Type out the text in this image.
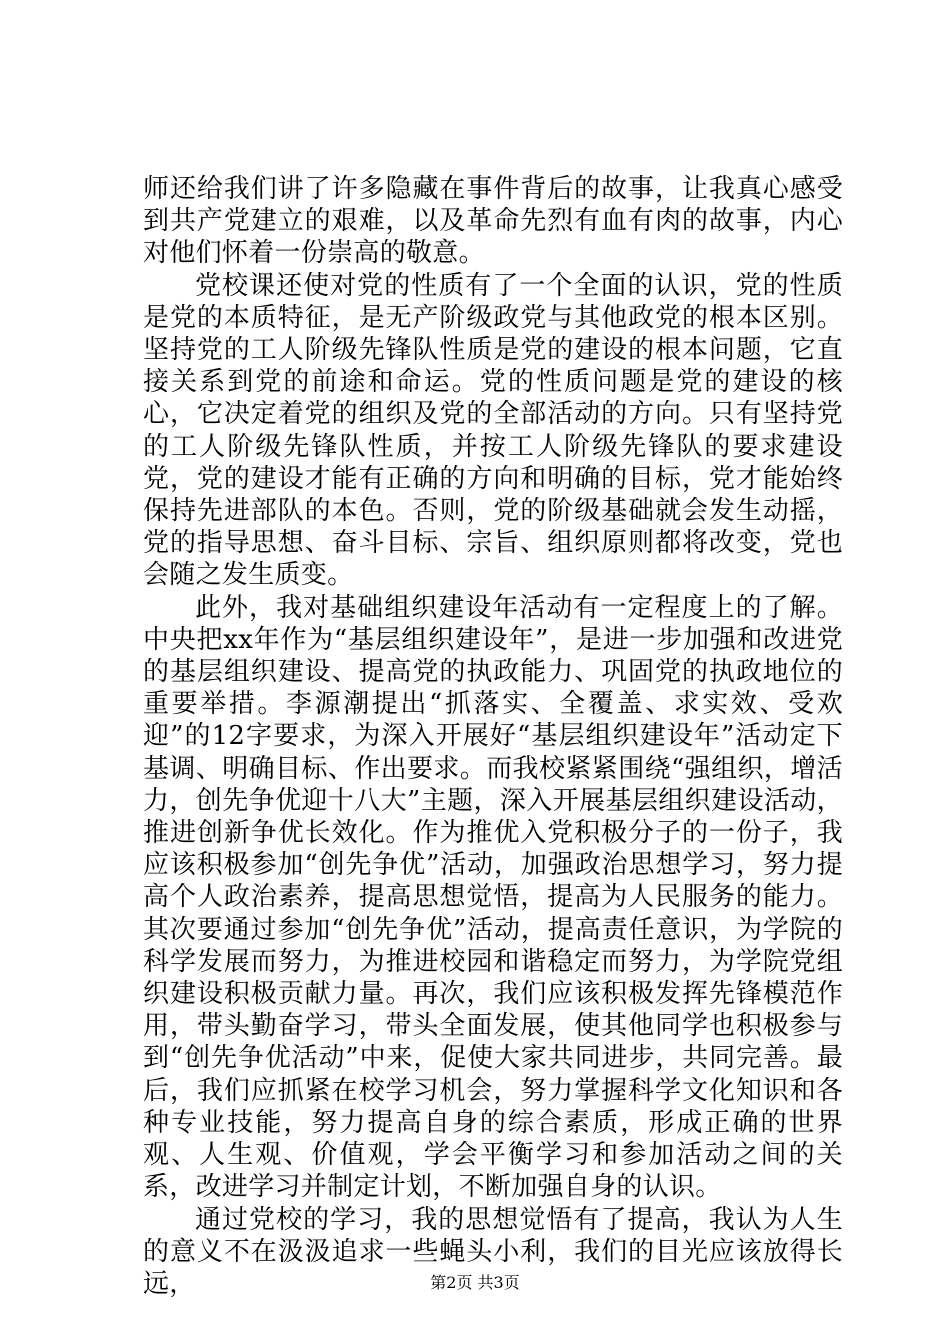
师还给我们讲了许多隐藏在事件背后的故事，让我真心感受到共产党建立的艰难，以及革命先烈有血有肉的故事，内心对他们怀着一份崇高的敬意。

党校课还使对党的性质有了一个全面的认识，党的性质是党的本质特征，是无产阶级政党与其他政党的根本区别。坚持党的工人阶级先锋队性质是党的建设的根本问题，它直接关系到党的前途和命运。党的性质问题是党的建设的核心，它决定着党的组织及党的全部活动的方向。只有坚持党的工人阶级先锋队性质，并按工人阶级先锋队的要求建设党，党的建设才能有正确的方向和明确的目标，党才能始终保持先进部队的本色。否则，党的阶级基础就会发生动摇，党的指导思想、奋斗目标、宗旨、组织原则都将改变，党也会随之发生质变。

此外，我对基础组织建设年活动有一定程度上的了解。中央把xx年作为“基层组织建设年”，是进一步加强和改进党的基层组织建设、提高党的执政能力、巩固党的执政地位的重要举措。李源潮提出“抓落实、全覆盖、求实效、受欢迎”的12字要求，为深入开展好“基层组织建设年”活动定下基调、明确目标、作出要求。而我校紧紧围绕“强组织，增活力，创先争优迎十八大”主题，深入开展基层组织建设活动，推进创新争优长效化。作为推优入党积极分子的一份子，我应该积极参加“创先争优”活动，加强政治思想学习，努力提高个人政治素养，提高思想觉悟，提高为人民服务的能力。其次要通过参加“创先争优”活动，提高责任意识，为学院的科学发展而努力，为推进校园和谐稳定而努力，为学院党组织建设积极贡献力量。再次，我们应该积极发挥先锋模范作用，带头勤奋学习，带头全面发展，使其他同学也积极参与到“创先争优活动”中来，促使大家共同进步，共同完善。最后，我们应抓紧在校学习机会，努力掌握科学文化知识和各种专业技能，努力提高自身的综合素质，形成正确的世界观、人生观、价值观，学会平衡学习和参加活动之间的关系，改进学习并制定计划，不断加强自身的认识。

通过党校的学习，我的思想觉悟有了提高，我认为人生的意义不在汲汲追求一些蝇头小利，我们的目光应该放得长远，	第2页 共3页
